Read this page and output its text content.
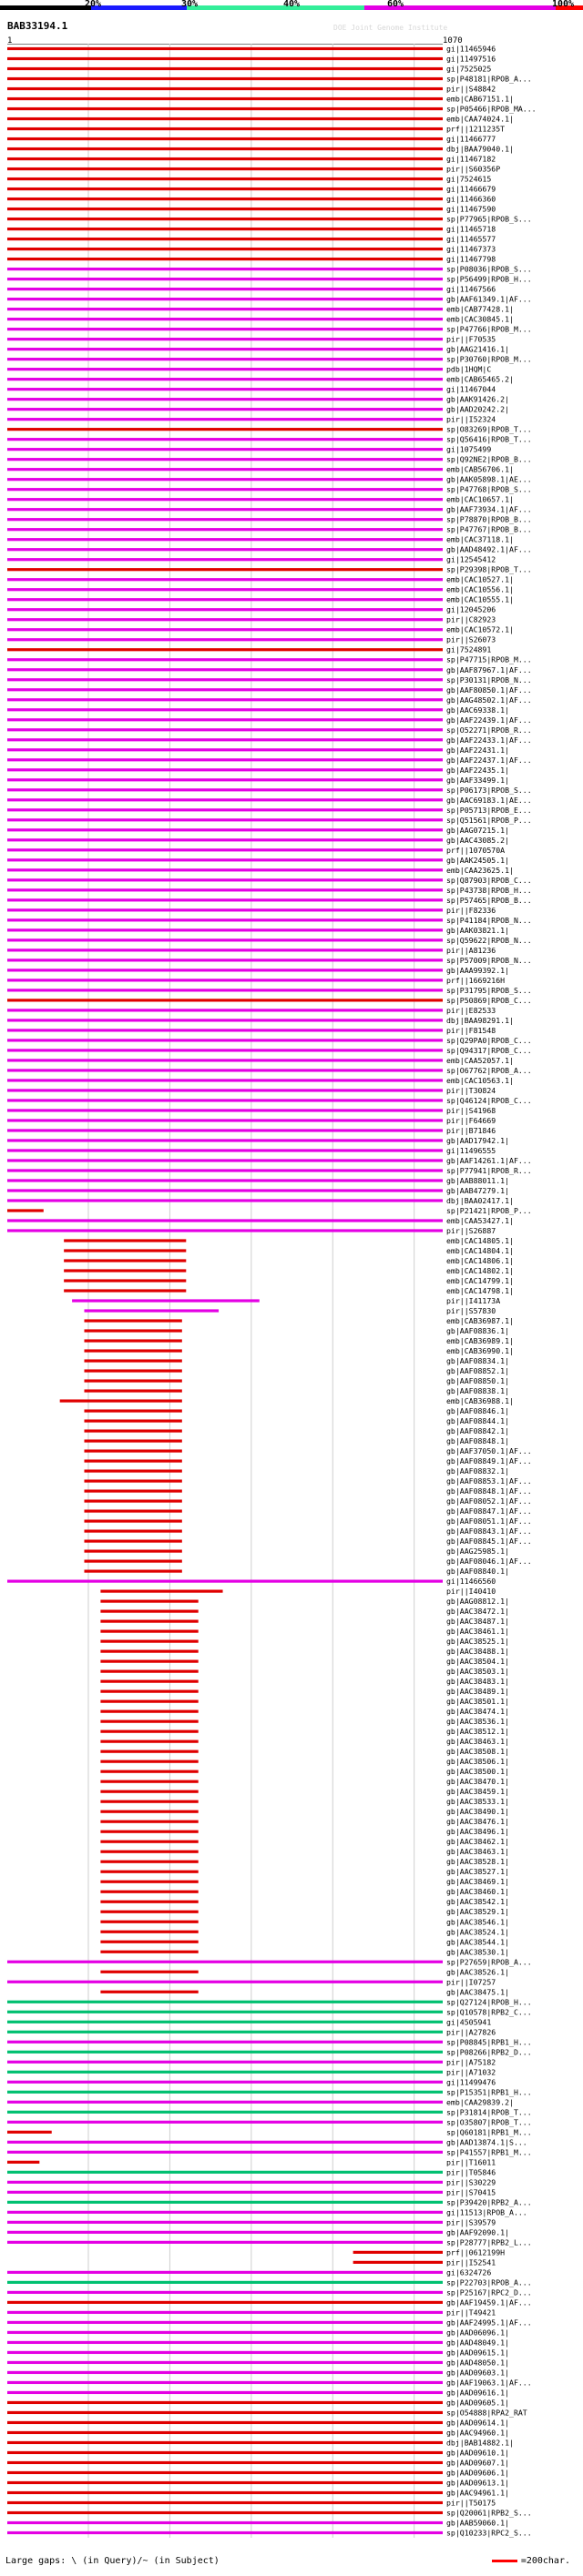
20%	30%	40%	60%	100%
BAB33194.1	DOE Joint Genome Institute
1	1070
gi|11465946
gi|11497516
gi|7525025
sp|P48181|RPOB_A...
pir||S48842
emb|CAB67151.1|
sp|P05466|RPOB_MA...
emb|CAA74024.1|
prf||1211235T
gi|11466777
dbj|BAA79040.1|
gi|11467182
pir||S60356P
gi|7524615
gi|11466679
gi|11466360
gi|11467590
sp|P77965|RPOB_S...
gi|11465718
gi|11465577
gi|11467373
gi|11467798
sp|P08036|RPOB_S...
sp|P56499|RPOB_H...
gi|11467566
gb|AAF61349.1|AF...
emb|CAB77428.1|
emb|CAC30845.1|
sp|P47766|RPOB_M...
pir||F70535
gb|AAG21416.1|
sp|P30760|RPOB_M...
pdb|1HQM|C
emb|CAB65465.2|
gi|11467044
gb|AAK91426.2|
gb|AAD20242.2|
pir||I52324
sp|O83269|RPOB_T...
sp|Q56416|RPOB_T...
gi|1075499
sp|Q92NE2|RPOB_B...
emb|CAB56706.1|
gb|AAK05898.1|AE...
sp|P47768|RPOB_S...
emb|CAC10657.1|
gb|AAF73934.1|AF...
sp|P78870|RPOB_B...
sp|P47767|RPOB_B...
emb|CAC37118.1|
gb|AAD48492.1|AF...
gi|12545412
sp|P29398|RPOB_T...
emb|CAC10527.1|
emb|CAC10556.1|
emb|CAC10555.1|
gi|12045206
pir||C82923
emb|CAC10572.1|
pir||S26073
gi|7524891
sp|P47715|RPOB_M...
gb|AAF87967.1|AF...
sp|P30131|RPOB_N...
gb|AAF80850.1|AF...
gb|AAG48502.1|AF...
gb|AAC69338.1|
gb|AAF22439.1|AF...
sp|O52271|RPOB_R...
gb|AAF22433.1|AF...
gb|AAF22431.1|
gb|AAF22437.1|AF...
gb|AAF22435.1|
gb|AAF33499.1|
sp|P06173|RPOB_S...
gb|AAC69183.1|AE...
sp|P05713|RPOB_E...
sp|Q51561|RPOB_P...
gb|AAG07215.1|
gb|AAC43085.2|
prf||1070570A
gb|AAK24505.1|
emb|CAA23625.1|
sp|Q87903|RPOB_C...
sp|P43738|RPOB_H...
sp|P57465|RPOB_B...
pir||F82336
sp|P41184|RPOB_N...
gb|AAK03821.1|
sp|Q59622|RPOB_N...
pir||A81236
sp|P57009|RPOB_N...
gb|AAA99392.1|
prf||1669216H
sp|P31795|RPOB_S...
sp|P50869|RPOB_C...
pir||E82533
dbj|BAA98291.1|
pir||F81548
sp|Q29PA0|RPOB_C...
sp|Q94317|RPOB_C...
emb|CAA52057.1|
sp|O67762|RPOB_A...
emb|CAC10563.1|
pir||T30824
sp|Q46124|RPOB_C...
pir||S41968
pir||F64669
pir||B71846
gb|AAD17942.1|
gi|11496555
gb|AAF14261.1|AF...
sp|P77941|RPOB_R...
gb|AAB88011.1|
gb|AAB47279.1|
dbj|BAA02417.1|
sp|P21421|RPOB_P...
emb|CAA53427.1|
pir||S26887
emb|CAC14805.1|
emb|CAC14804.1|
emb|CAC14806.1|
emb|CAC14802.1|
emb|CAC14799.1|
emb|CAC14798.1|
pir||I41173A
pir||S57830
emb|CAB36987.1|
gb|AAF08836.1|
emb|CAB36989.1|
emb|CAB36990.1|
gb|AAF08834.1|
gb|AAF08852.1|
gb|AAF08850.1|
gb|AAF08838.1|
emb|CAB36988.1|
gb|AAF08846.1|
gb|AAF08844.1|
gb|AAF08842.1|
gb|AAF08848.1|
gb|AAF37050.1|AF...
gb|AAF08849.1|AF...
gb|AAF08832.1|
gb|AAF08853.1|AF...
gb|AAF08848.1|AF...
gb|AAF08052.1|AF...
gb|AAF08847.1|AF...
gb|AAF08051.1|AF...
gb|AAF08843.1|AF...
gb|AAF08845.1|AF...
gb|AAG25985.1|
gb|AAF08046.1|AF...
gb|AAF08840.1|
gi|11466560
pir||I40410
gb|AAG08812.1|
gb|AAC38472.1|
gb|AAC38487.1|
gb|AAC38461.1|
gb|AAC38525.1|
gb|AAC38488.1|
gb|AAC38504.1|
gb|AAC38503.1|
gb|AAC38483.1|
gb|AAC38489.1|
gb|AAC38501.1|
gb|AAC38474.1|
gb|AAC38536.1|
gb|AAC38512.1|
gb|AAC38463.1|
gb|AAC38508.1|
gb|AAC38506.1|
gb|AAC38500.1|
gb|AAC38470.1|
gb|AAC38459.1|
gb|AAC38533.1|
gb|AAC38490.1|
gb|AAC38476.1|
gb|AAC38496.1|
gb|AAC38462.1|
gb|AAC38463.1|
gb|AAC38528.1|
gb|AAC38527.1|
gb|AAC38469.1|
gb|AAC38460.1|
gb|AAC38542.1|
gb|AAC38529.1|
gb|AAC38546.1|
gb|AAC38524.1|
gb|AAC38544.1|
gb|AAC38530.1|
sp|P27659|RPOB_A...
gb|AAC38526.1|
pir||I07257
gb|AAC38475.1|
sp|Q27124|RPOB_H...
sp|Q10578|RPB2_C...
gi|4505941
pir||A27826
sp|P08845|RPB1_H...
sp|P08266|RPB2_D...
pir||A75182
pir||A71032
gi|11499476
sp|P15351|RPB1_H...
emb|CAA29839.2|
sp|P31814|RPOB_T...
sp|O35807|RPOB_T...
sp|Q60181|RPB1_M...
gb|AAD13874.1|S...
sp|P41557|RPB1_M...
pir||T16011
pir||T05846
pir||S30229
pir||S70415
sp|P39420|RPB2_A...
gi|11513|RPOB_A...
pir||S39579
gb|AAF92090.1|
sp|P28777|RPB2_L...
prf||0612199H
pir||I52541
gi|6324726
sp|P22703|RPOB_A...
sp|P25167|RPC2_D...
gb|AAF19459.1|AF...
pir||T49421
gb|AAF24995.1|AF...
gb|AAD06096.1|
gb|AAD48049.1|
gb|AAD09615.1|
gb|AAD48050.1|
gb|AAD09603.1|
gb|AAF19063.1|AF...
gb|AAD09616.1|
gb|AAD09605.1|
sp|O54888|RPA2_RAT
gb|AAD09614.1|
gb|AAC94960.1|
dbj|BAB14882.1|
gb|AAD09610.1|
gb|AAD09607.1|
gb|AAD09606.1|
gb|AAD09613.1|
gb|AAC94961.1|
pir||T50175
sp|Q20061|RPB2_S...
gb|AAB59060.1|
sp|Q10233|RPC2_S...
Large gaps: \ (in Query)/~ (in Subject)	=200char.
